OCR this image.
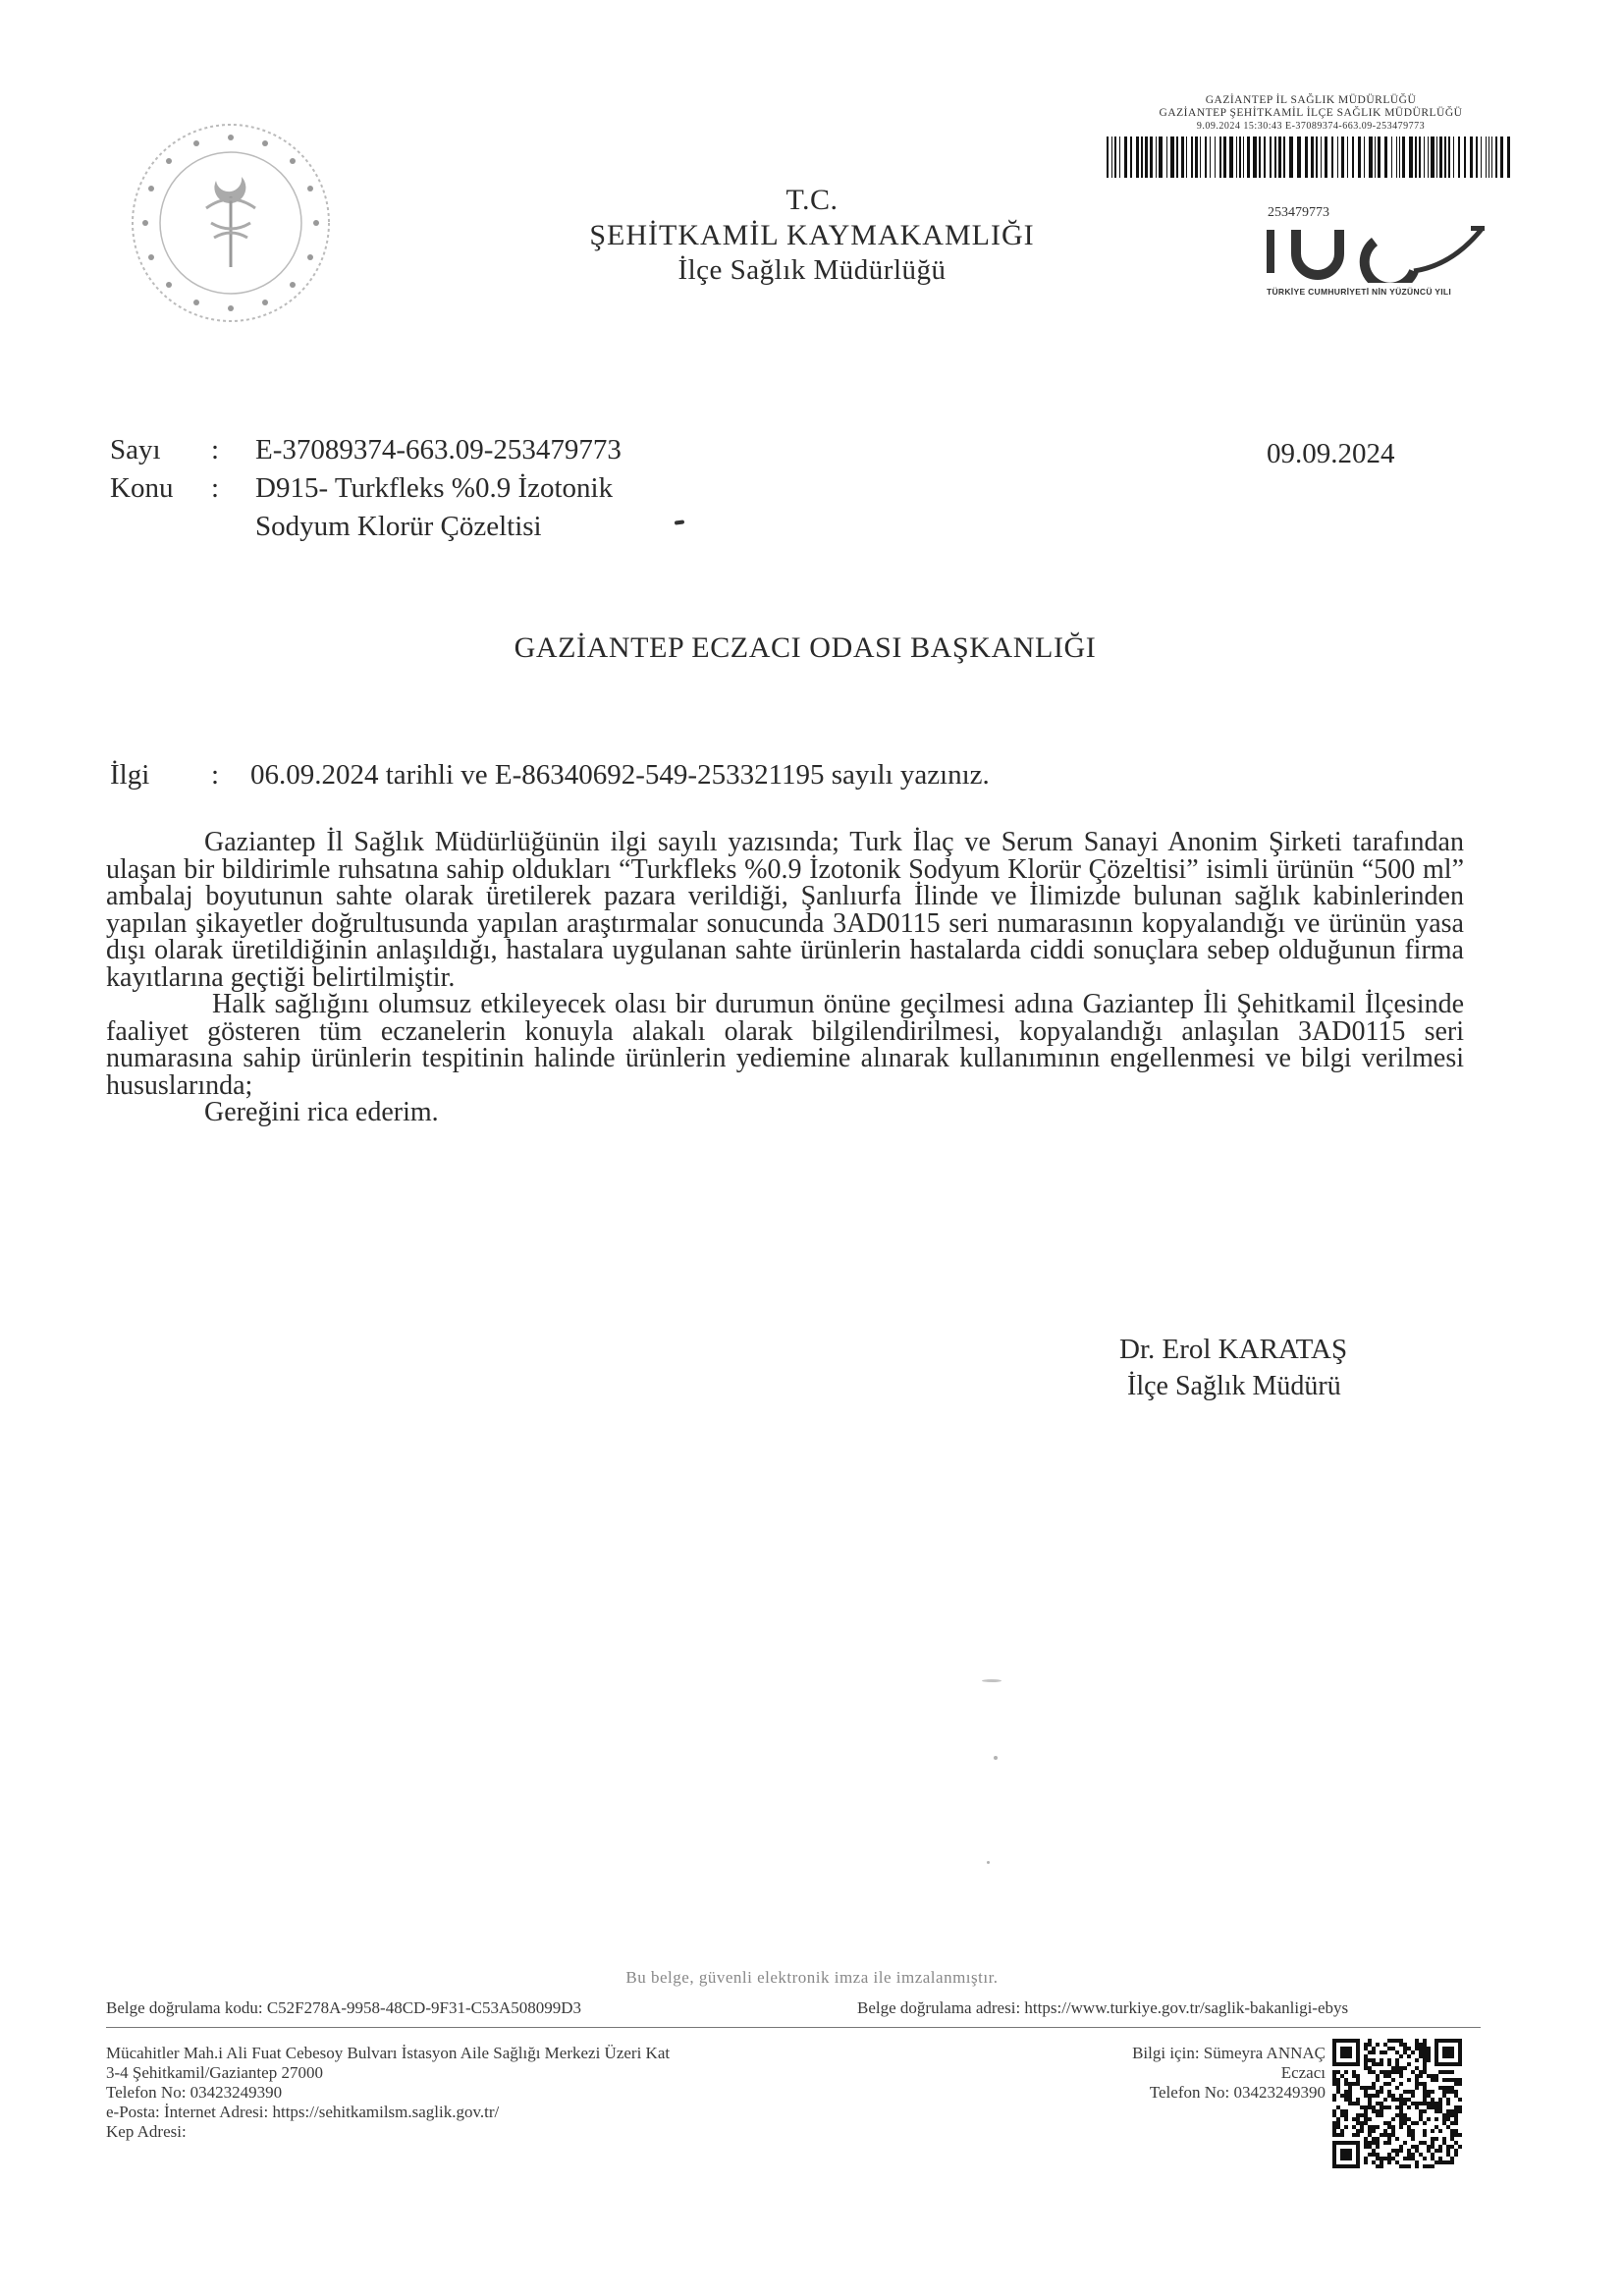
T.C.
ŞEHİTKAMİL KAYMAKAMLIĞI
İlçe Sağlık Müdürlüğü
GAZİANTEP İL SAĞLIK MÜDÜRLÜĞÜ
GAZİANTEP ŞEHİTKAMİL İLÇE SAĞLIK MÜDÜRLÜĞÜ
9.09.2024 15:30:43 E-37089374-663.09-253479773
253479773
TÜRKİYE CUMHURİYETİ NİN YÜZÜNCÜ YILI
Sayı : E-37089374-663.09-253479773
Konu : D915- Turkfleks %0.9 İzotonik
Sodyum Klorür Çözeltisi
09.09.2024
GAZİANTEP ECZACI ODASI BAŞKANLIĞI
İlgi : 06.09.2024 tarihli ve E-86340692-549-253321195 sayılı yazınız.

Gaziantep İl Sağlık Müdürlüğünün ilgi sayılı yazısında; Turk İlaç ve Serum Sanayi Anonim Şirketi tarafından ulaşan bir bildirimle ruhsatına sahip oldukları “Turkfleks %0.9 İzotonik Sodyum Klorür Çözeltisi” isimli ürünün “500 ml” ambalaj boyutunun sahte olarak üretilerek pazara verildiği, Şanlıurfa İlinde ve İlimizde bulunan sağlık kabinlerinden yapılan şikayetler doğrultusunda yapılan araştırmalar sonucunda 3AD0115 seri numarasının kopyalandığı ve ürünün yasa dışı olarak üretildiğinin anlaşıldığı, hastalara uygulanan sahte ürünlerin hastalarda ciddi sonuçlara sebep olduğunun firma kayıtlarına geçtiği belirtilmiştir.

Halk sağlığını olumsuz etkileyecek olası bir durumun önüne geçilmesi adına Gaziantep İli Şehitkamil İlçesinde faaliyet gösteren tüm eczanelerin konuyla alakalı olarak bilgilendirilmesi, kopyalandığı anlaşılan 3AD0115 seri numarasına sahip ürünlerin tespitinin halinde ürünlerin yediemine alınarak kullanımının engellenmesi ve bilgi verilmesi hususlarında;

Gereğini rica ederim.

Dr. Erol KARATAŞ
İlçe Sağlık Müdürü
Bu belge, güvenli elektronik imza ile imzalanmıştır.
Belge doğrulama kodu: C52F278A-9958-48CD-9F31-C53A508099D3	Belge doğrulama adresi: https://www.turkiye.gov.tr/saglik-bakanligi-ebys
Mücahitler Mah.i Ali Fuat Cebesoy Bulvarı İstasyon Aile Sağlığı Merkezi Üzeri Kat
3-4 Şehitkamil/Gaziantep 27000
Telefon No: 03423249390
e-Posta: İnternet Adresi: https://sehitkamilsm.saglik.gov.tr/
Kep Adresi:
Bilgi için: Sümeyra ANNAÇ
Eczacı
Telefon No: 03423249390
